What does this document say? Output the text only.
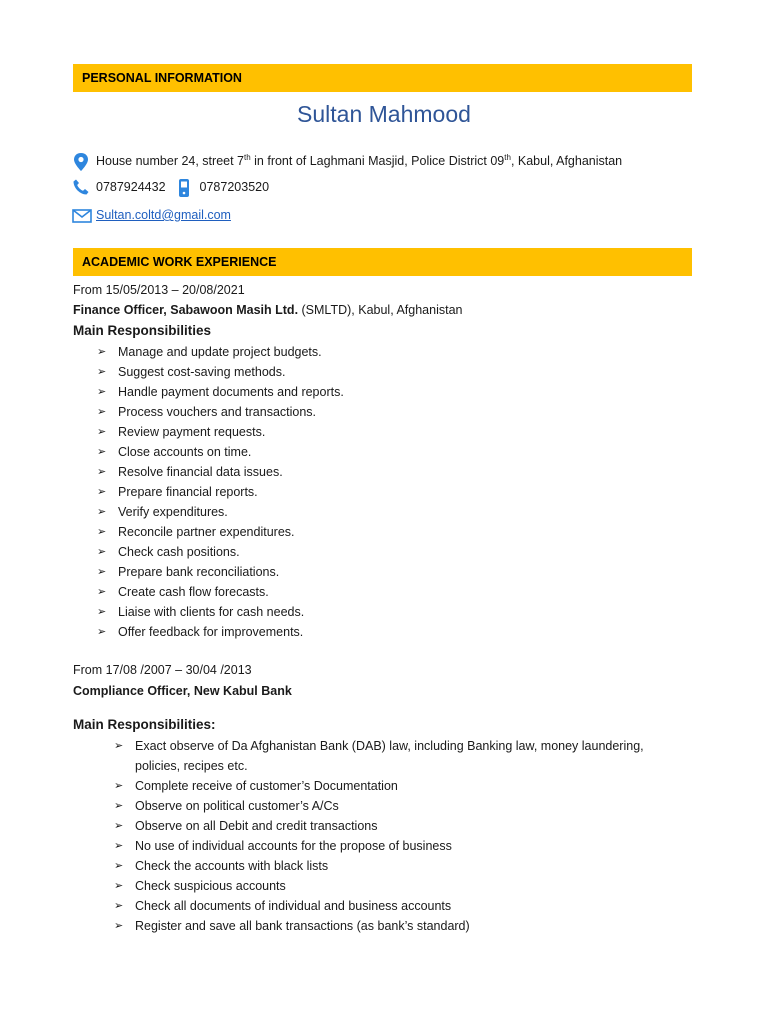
PERSONAL INFORMATION
Sultan Mahmood
House number 24, street 7th in front of Laghmani Masjid, Police District 09th, Kabul, Afghanistan
0787924432	0787203520
Sultan.coltd@gmail.com
ACADEMIC WORK EXPERIENCE
From 15/05/2013 – 20/08/2021
Finance Officer, Sabawoon Masih Ltd. (SMLTD), Kabul, Afghanistan
Main Responsibilities
➢ Manage and update project budgets.
➢ Suggest cost-saving methods.
➢ Handle payment documents and reports.
➢ Process vouchers and transactions.
➢ Review payment requests.
➢ Close accounts on time.
➢ Resolve financial data issues.
➢ Prepare financial reports.
➢ Verify expenditures.
➢ Reconcile partner expenditures.
➢ Check cash positions.
➢ Prepare bank reconciliations.
➢ Create cash flow forecasts.
➢ Liaise with clients for cash needs.
➢ Offer feedback for improvements.
From 17/08 /2007 – 30/04 /2013
Compliance Officer, New Kabul Bank
Main Responsibilities:
➢ Exact observe of Da Afghanistan Bank (DAB) law, including Banking law, money laundering, policies, recipes etc.
➢ Complete receive of customer’s Documentation
➢ Observe on political customer’s A/Cs
➢ Observe on all Debit and credit transactions
➢ No use of individual accounts for the propose of business
➢ Check the accounts with black lists
➢ Check suspicious accounts
➢ Check all documents of individual and business accounts
➢ Register and save all bank transactions (as bank’s standard)
